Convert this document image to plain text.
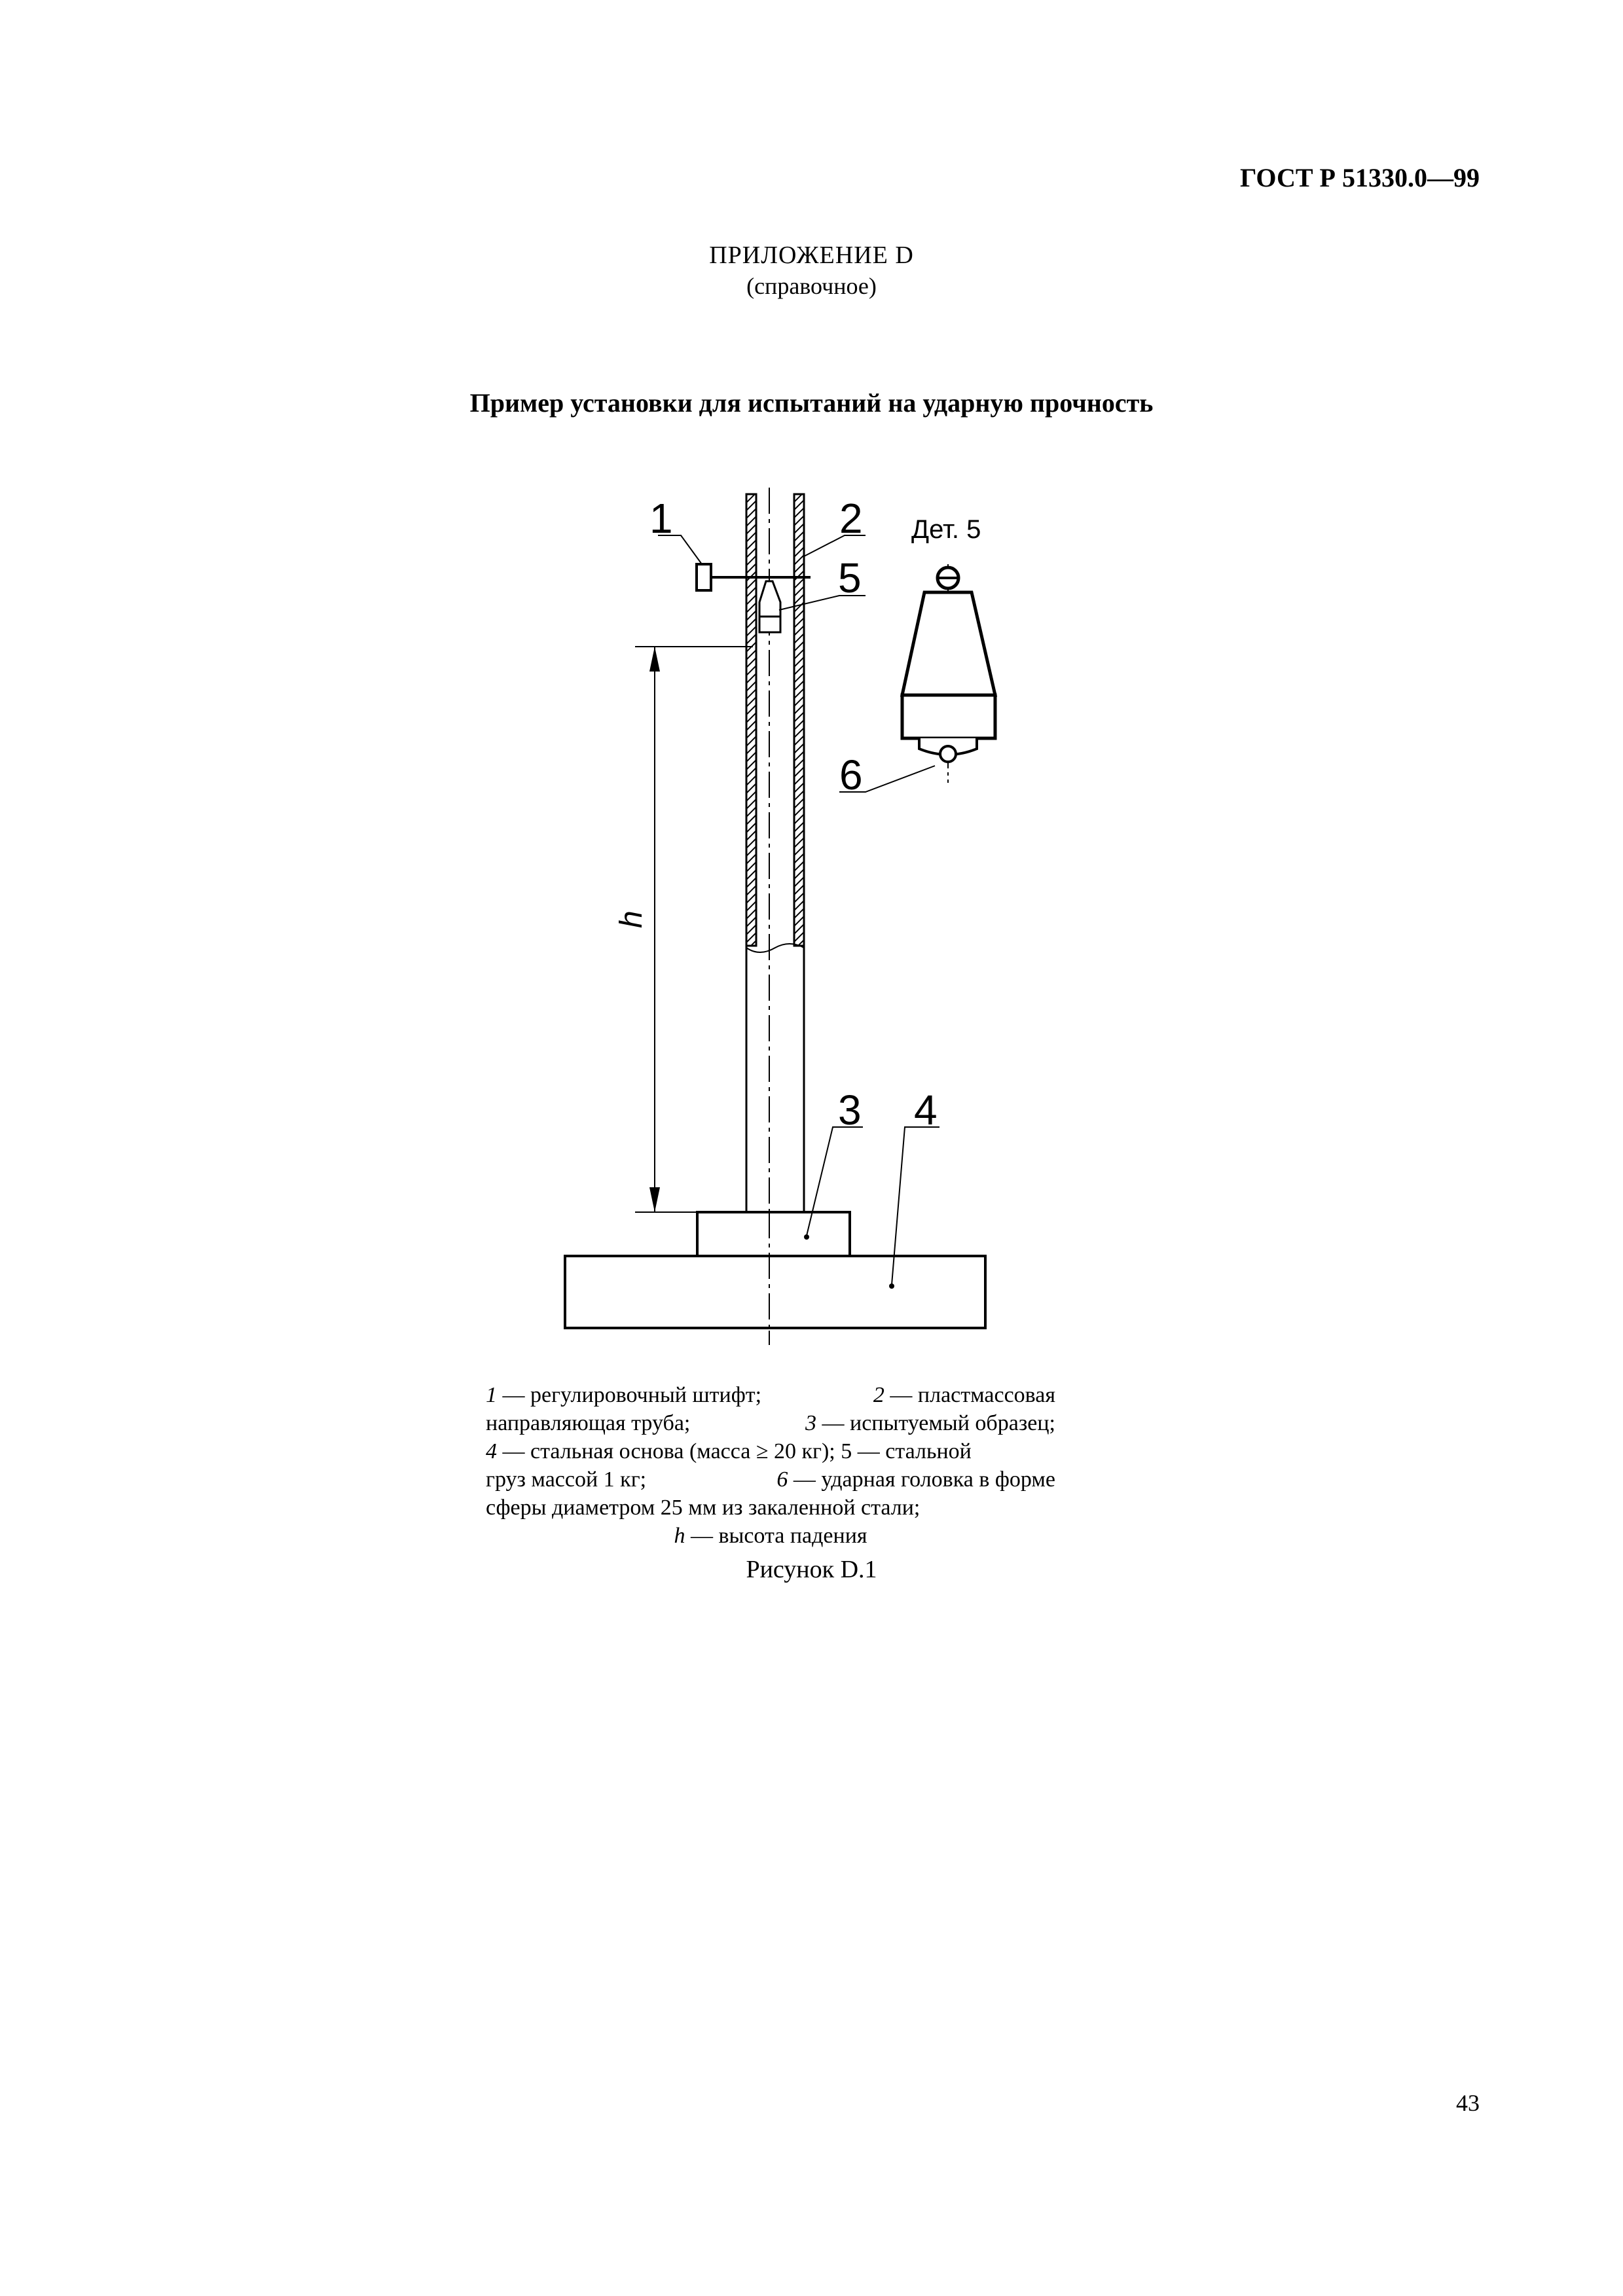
ГОСТ Р 51330.0—99
ПРИЛОЖЕНИЕ D
(справочное)
Пример установки для испытаний на ударную прочность
1	2
5
Дет. 5
6
3 4
h
1 — регулировочный штифт;	2 — пластмассовая
направляющая труба;	3 — испытуемый образец;
4 — стальная основа (масса ≥ 20 кг); 5 — стальной
груз массой 1 кг;	6 — ударная головка в форме
сферы диаметром 25 мм из закаленной стали;
h — высота падения
Рисунок D.1
43
